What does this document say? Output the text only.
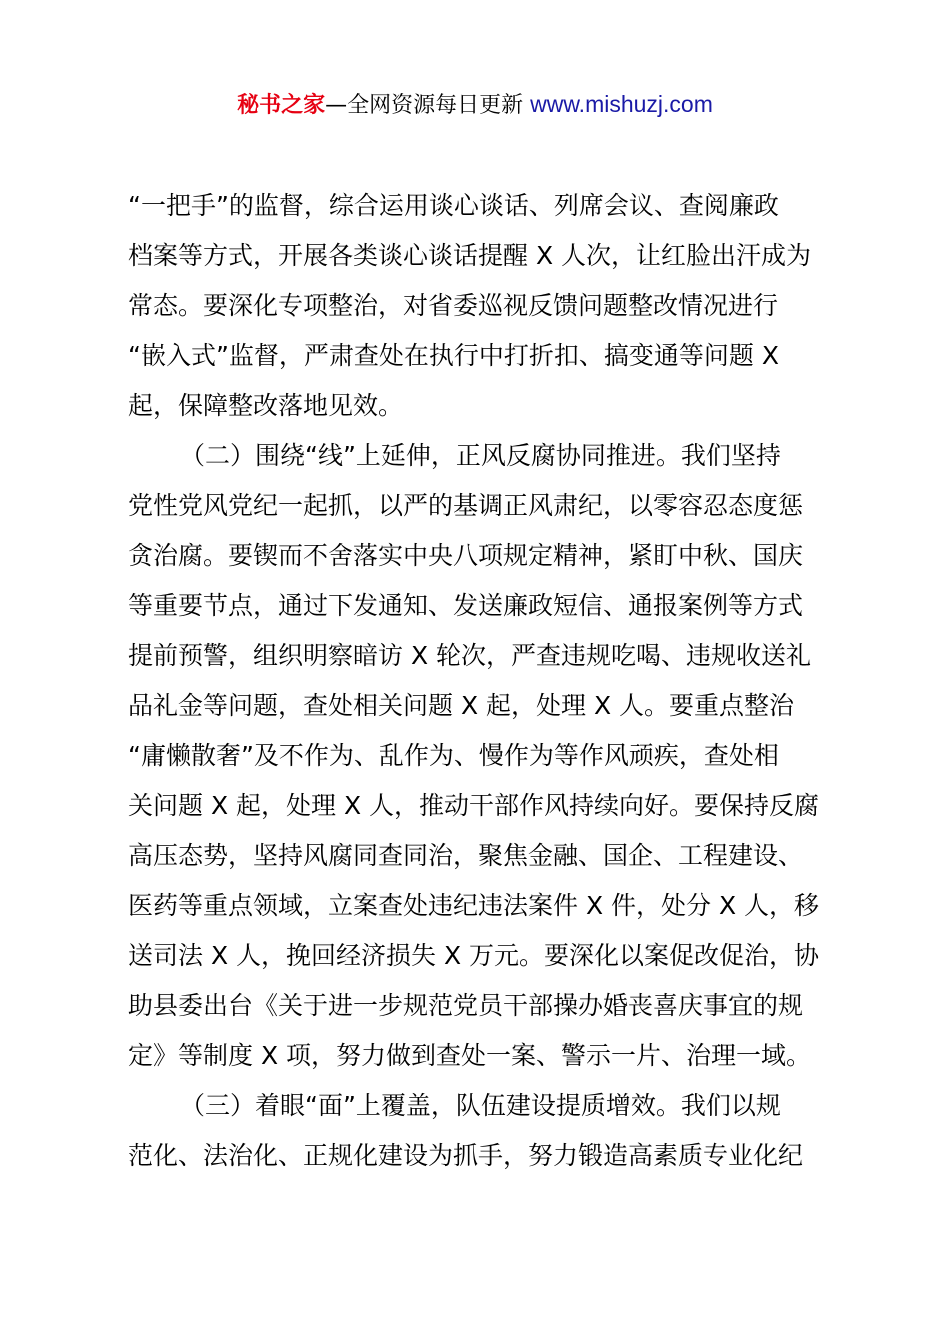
秘书之家—全网资源每日更新 www.mishuzj.com
“一把手”的监督，综合运用谈心谈话、列席会议、查阅廉政
档案等方式，开展各类谈心谈话提醒 X 人次，让红脸出汗成为
常态。要深化专项整治，对省委巡视反馈问题整改情况进行
“嵌入式”监督，严肃查处在执行中打折扣、搞变通等问题 X
起，保障整改落地见效。
（二）围绕“线”上延伸，正风反腐协同推进。我们坚持
党性党风党纪一起抓，以严的基调正风肃纪，以零容忍态度惩
贪治腐。要锲而不舍落实中央八项规定精神，紧盯中秋、国庆
等重要节点，通过下发通知、发送廉政短信、通报案例等方式
提前预警，组织明察暗访 X 轮次，严查违规吃喝、违规收送礼
品礼金等问题，查处相关问题 X 起，处理 X 人。要重点整治
“庸懒散奢”及不作为、乱作为、慢作为等作风顽疾，查处相
关问题 X 起，处理 X 人，推动干部作风持续向好。要保持反腐
高压态势，坚持风腐同查同治，聚焦金融、国企、工程建设、
医药等重点领域，立案查处违纪违法案件 X 件，处分 X 人，移
送司法 X 人，挽回经济损失 X 万元。要深化以案促改促治，协
助县委出台《关于进一步规范党员干部操办婚丧喜庆事宜的规
定》等制度 X 项，努力做到查处一案、警示一片、治理一域。
（三）着眼“面”上覆盖，队伍建设提质增效。我们以规
范化、法治化、正规化建设为抓手，努力锻造高素质专业化纪
